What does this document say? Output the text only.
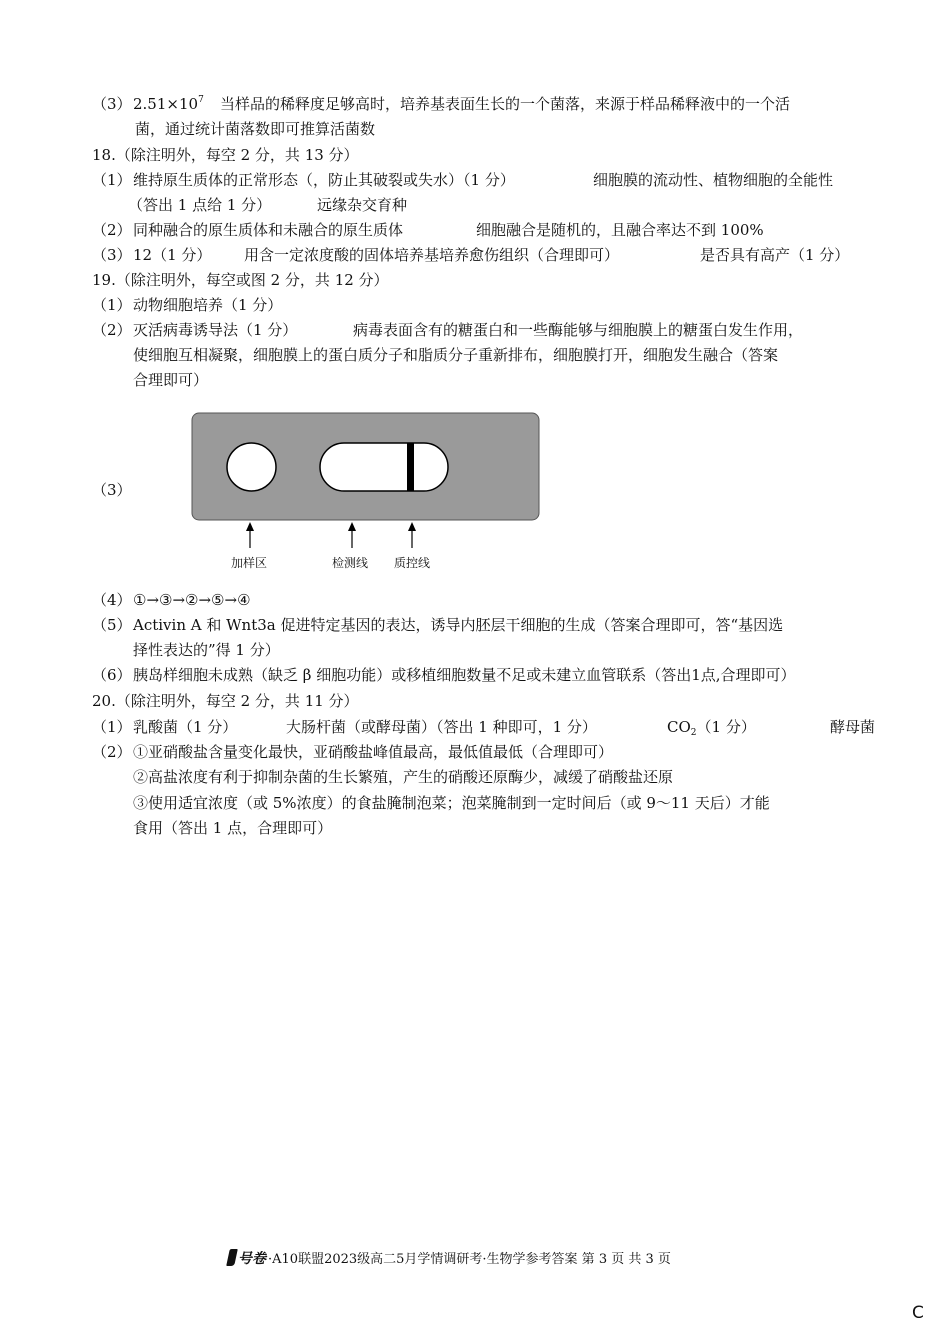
（3） $2.51\times 10^7$ 当样品的稀释度足够高时，培养基表面生长的一个菌落，来源于样品稀释液中的一个活
菌，通过统计菌落数即可推算活菌数
18.（除注明外，每空 2 分，共 13 分）
（1） 维持原生质体的正常形态（，防止其破裂或失水）（1 分）	细胞膜的流动性、植物细胞的全能性
（答出 1 点给 1 分）	远缘杂交育种
（2） 同种融合的原生质体和未融合的原生质体	细胞融合是随机的，且融合率达不到 100%
（3） 12（1 分） 用含一定浓度酸的固体培养基培养愈伤组织（合理即可）	是否具有高产（1 分）
19.（除注明外，每空或图 2 分，共 12 分）
（1） 动物细胞培养（1 分）
（2） 灭活病毒诱导法（1 分）	病毒表面含有的糖蛋白和一些酶能够与细胞膜上的糖蛋白发生作用，
使细胞互相凝聚，细胞膜上的蛋白质分子和脂质分子重新排布，细胞膜打开，细胞发生融合（答案
合理即可）
（3）
加样区	检测线 质控线
（4） ①→③→②→⑤→④
（5） Activin A 和 Wnt3a 促进特定基因的表达，诱导内胚层干细胞的生成（答案合理即可，答“基因选
择性表达的”得 1 分）
（6） 胰岛样细胞未成熟（缺乏 β 细胞功能）或移植细胞数量不足或未建立血管联系（答出1点,合理即可）
20.（除注明外，每空 2 分，共 11 分）
（1） 乳酸菌（1 分）	大肠杆菌（或酵母菌）（答出 1 种即可，1 分）	$CO_2(1$ 分）	酵母菌
（2） ①亚硝酸盐含量变化最快，亚硝酸盐峰值最高，最低值最低（合理即可）
②高盐浓度有利于抑制杂菌的生长繁殖，产生的硝酸还原酶少，减缓了硝酸盐还原
③使用适宜浓度（或 5%浓度）的食盐腌制泡菜；泡菜腌制到一定时间后（或 9～11 天后）才能
食用（答出 1 点，合理即可）
号卷 ·A10联盟2023级高二5月学情调研考·生物学参考答案 第 3 页 共 3 页
C
